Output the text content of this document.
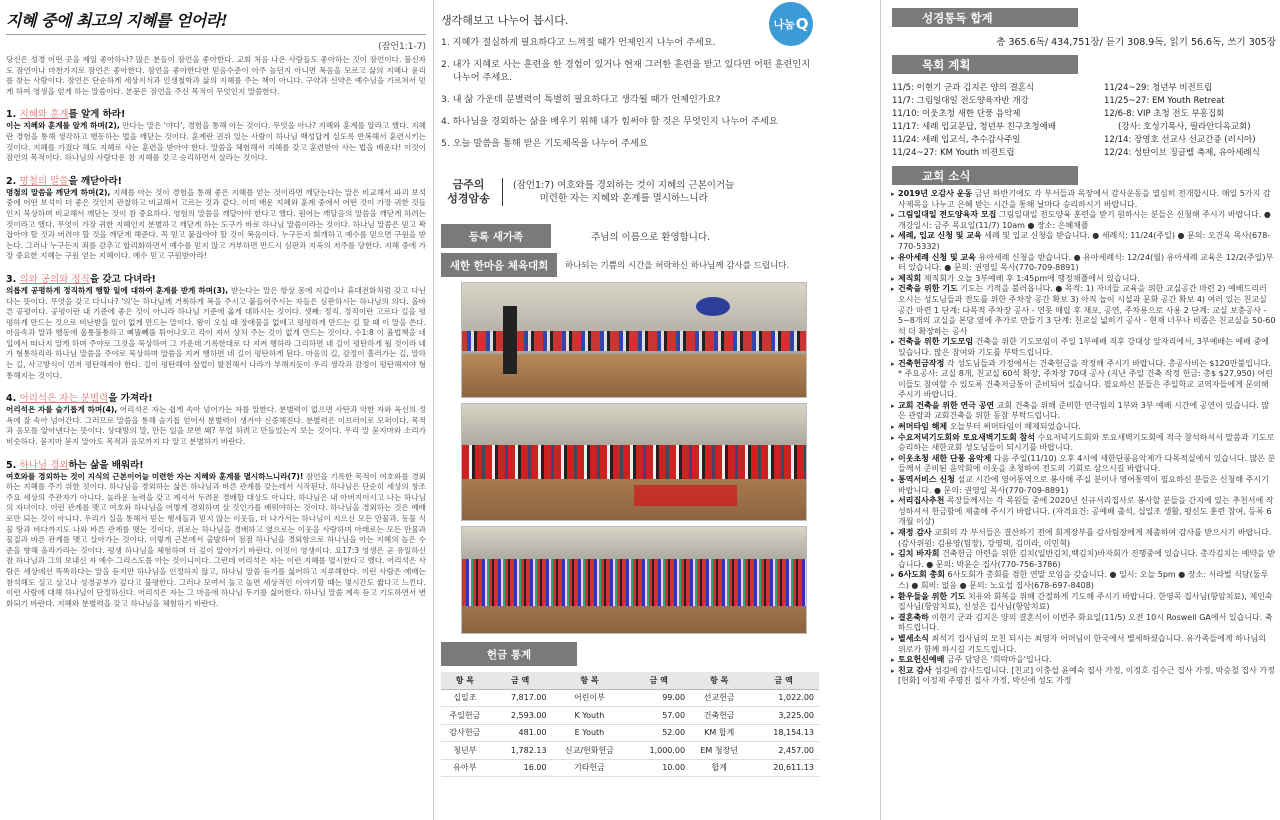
지혜 중에 최고의 지혜를 얻어라!
(잠언1:1-7)
당신은 성경 어떤 곳을 제일 좋아하나? 많은 분들이 잠언을 좋아한다. 교회 처음 나온 사람들도 좋아하는 것이 잠언이다. 불신자도 잠언이나 마찬가지로 잠언은 좋아한다. 잠언을 좋아한다면 믿음수준이 아주 높던지 아니면 복음을 모르고 삶의 지혜나 윤리를 찾는 사람이다. 잠언은 단순하게 세상지식과 인생철학과 삶의 지혜를 주는 책이 아니다. 구약과 신약은 예수님을 가르쳐서 믿게 하여 영생을 얻게 하는 말씀이다. 본문은 잠언을 주신 목적이 무엇인지 말씀한다.
1. 지혜와 훈계를 알게 하라!
이는 지혜와 훈계를 알게 하며(2), 안다는 말은 '야다', 경험을 통해 아는 것이다. 무엇을 아나? 지혜와 훈계를 알라고 했다. 지혜란 경험을 통해 생각하고 행동하는 법을 깨닫는 것이다. 훈계란 권위 있는 사람이 하나님 백성답게 실도록 반복해서 훈련시키는 것이다. 지혜를 가졌다 해도 지혜로 사는 훈련을 받아야 한다. 말씀을 체험해서 지혜를 갖고 훈련받아 사는 법을 배운다! 이것이 잠언의 목적이다. 하나님의 사람다운 참 지혜를 갖고 승리하면서 살라는 것이다.
2. 명철의 말씀을 깨닫아라!
명철의 말씀을 깨닫게 하며(2), 지혜를 아는 것이 경험을 통해 좋은 지혜를 얻는 것이라면 깨닫는다는 말은 비교해서 파괴 보석 중에 어떤 보석이 더 좋은 것인지 관찰하고 비교해서 고르는 것과 같다. 이미 배운 지혜와 훈계 중에서 어떤 것이 가장 귀한 것들인지 묵상하며 비교해서 깨닫는 것이 참 중요하다. 영험의 말씀을 깨달아야 한다고 했다. 원어는 깨달음의 말씀을 깨닫게 하려는 것이라고 했다. 무엇이 가장 귀한 지혜인지 분별하고 깨닫게 하는 도구가 바로 하나님 말씀이라는 것이다. 하나님 말씀은 믿고 꽉 잡아야 할 것과 버려야 할 것을 깨닫게 해준다. 꼭 믿고 붙잡아야 할 것이 복음이다. 누구든지 회개하고 예수를 믿으면 구원을 받는다. 그러나 누구든지 죄를 감추고 합리화하면서 예수를 믿지 않고 거부하면 반드시 심판과 지옥의 저주를 당한다. 지혜 중에 가장 중요한 지혜는 구원 얻는 지혜이다. 예수 믿고 구원받아라!
3. 의와 공의와 정직을 갖고 다녀라!
의롭게 공평하게 정직하게 행할 일에 대하여 훈계를 받게 하며(3), 받는다는 말은 항상 몸에 지갑이나 휴대전화처럼 갖고 다닌다는 뜻이다. 무엇을 갖고 다니나? '의'는 하나님께 거룩하게 복을 주시고 붙들어주시는 자들은 심판하시는 하나님의 의다. 올바른 공평이다. 공평이란 내 기준에 좋은 것이 아니라 하나님 기준에 옳게 대하시는 것이다. 셋째: 정직. 정직이란 고르다 길을 평평하게 만드는 것으로 비난받을 일이 없게 만드는 말이다. 왕이 오실 때 장애물을 없애고 평평하게 만드는 길 할 때 이 말을 쓴다. 마음속과 말과 행동에 울퉁불퉁하고 삐뚤빼뚤 튀어나오고 각이 져서 상처 주는 것이 없게 만드는 것이다. 수1:8 이 율법책을 네 입에서 떠나지 말게 하며 주야로 그것을 묵상하여 그 가운데 기록한대로 다 지켜 행하라 그리하면 네 길이 평탄하게 될 것이라 네가 형통하리라 하나님 말씀을 주야로 묵상하며 말씀을 지켜 행하면 네 길이 평탄하게 된다. 마음의 길, 감정이 흘러가는 길, 말하는 길, 사고방식이 먼저 평탄해져야 한다. 길이 평탄해야 삼업이 발전해서 나라가 부해지듯이 우리 생각과 감정이 평탄해져야 형통해지는 것이다.
4. 어리석은 자는 분별력을 가져라!
어리석은 자를 슬기롭게 하며(4), 어리석은 자는 쉽게 속아 넘어가는 자를 말한다. 분별력이 없으면 사탄과 악한 자와 육신의 정욕에 잘 속아 넘어간다. 그러므로 말씀을 통해 슬기롭 얻어서 분별력이 생겨야 신중해진다. 분별력은 이브러이로 모퍼이다. 목적과 음모를 알아낸다는 뜻이다. 상대방의 말, 만든 일을 보면 왜? 무얼 하려고 만들었는지 보는 것이다. 우리 말 묻지마와 소리가 비슷하다. 묻지마 묻지 말아도 목적과 음모까지 다 알고 분별하기 바란다.
5. 하나님 경외하는 삶을 배워라!
여호와를 경외하는 것이 지식의 근본이어늘 미련한 자는 지혜와 훈계를 멸시하느니라(7)! 잠언을 기록한 목적이 여호와를 경외하는 지혜를 주기 위한 것이다. 하나님을 경외하는 삶은 하나님과 바른 관계를 갖는데서 시작된다. 하나님은 단순히 세상의 창조주요 세상의 주관자가 아니다. 놀라운 능력을 갖고 계셔서 두려운 경배할 대상도 아니다. 하나님은 내 아버지이시고 나는 하나님의 자녀이다. 이런 관계를 맺고 여호와 하나님을 어떻게 경외하며 살 것인가를 배워야하는 것이다. 하나님을 경외하는 것은 예배로만 되는 것이 아니다. 우리가 실을 통해서 믿는 행세들과 믿지 않는 이웃들, 더 나가서는 하나님이 지으신 모든 만물과, 동물 식물 땅과 바다까지도 나와 바른 관계를 맺는 것이다. 위로는 하나님을 경배하고 옆으로는 이웃을 사랑하며 아래로는 모든 만물과 물질과 바른 관계를 맺고 살아가는 것이다. 이렇게 근본에서 출발하여 점점 하나님을 경외함으로 하나님을 아는 지혜의 높은 수준을 향해 올라가라는 것이다. 평생 하나님을 체험하며 더 깊이 알아가기 바란다. 이것이 영생이다. 요17:3 영생은 곧 유일하신 참 하나님과 그의 보내신 자 예수 그리스도를 아는 것이니이다. 그런데 어리석은 자는 이런 지혜를 멸시한다고 했다. 어리석은 사람은 세상에선 똑똑하다는 말을 듣지만 하나님을 인정하지 않고, 하나님 말씀 듣기를 싫어하고 지루해한다. 이런 사람은 예배는 참석해도 실고 살고나 성경공부가 깊다고 불평한다. 그러나 모여서 놀고 놀면 세상적인 이야기할 때는 몇시간도 짧다고 느낀다. 이런 사람에 대해 하나님이 단정하신다. 어리석은 자는 그 마음에 하나님 두기를 싫어한다. 하나님 말씀 계속 듣고 기도하면서 변화되기 바란다. 지혜와 분별력을 갖고 하나님을 체험하기 바란다.
생각해보고 나누어 봅시다.	나눔 Q
1. 지혜가 절실하게 필요하다고 느껴질 때가 언제인지 나누어 주세요.
2. 내가 지혜로 사는 훈련을 한 경험이 있거나 현재 그러한 훈련을 받고 있다면 어떤 훈련인지 나누어 주세요.
3. 내 삶 가운데 분별력이 특별히 필요하다고 생각될 때가 언제인가요?
4. 하나님을 경외하는 삶을 배우기 위해 내가 힘써야 할 것은 무엇인지 나누어 주세요
5. 오늘 말씀을 통해 받은 기도제목을 나누어 주세요
금주의
성경암송
(잠언1:7) 여호와를 경외하는 것이 지혜의 근본이거늘
미련한 자는 지혜와 훈계를 멸시하느니라
등록 새가족	주님의 이름으로 환영합니다.
새한 한마음 체육대회	하나되는 기쁨의 시간을 허락하신 하나님께 감사를 드립니다.
헌금 통계
항 목	금 액	항 목	금 액	항 목	금 액
십일조	7,817.00	어린이부	99.00	선교헌금	1,022.00
주일헌금	2,593.00	K Youth	57.00	건축헌금	3,225.00
감사헌금	481.00	E Youth	52.00	KM 합계	18,154.13
청년부	1,782.13	신교/헌화헌금	1,000.00	EM 청장년	2,457.00
유아부	16.00	기타헌금	10.00	합계	20,611.13
성경통독 합계
총 365.6독/ 434,751장/ 듣기 308.9독, 읽기 56.6독, 쓰기 305장
목회 계획
11/5: 이현기 군과 김지은 양의 결혼식
11/7: 그림일대일 전도양육자반 개강
11/10: 이웃초청 새한 단풍 음악제
11/17: 세례 입교문답, 청년부 친구초청예배
11/24: 세례 입교식, 추수감사주일
11/24~27: KM Youth 비젼트립
11/24~29: 청년부 비전트립
11/25~27: EM Youth Retreat
12/6-8: VIP 초청 전도 부흥집회
(강사: 호성기목사, 필라안디옥교회)
12/14: 장영호 선교사 선교간증 (러시아)
12/24: 성탄이브 징글벨 축제, 유아세례식
교회 소식
▸ 2019년 오감사 운동 금년 하반기에도 각 부서들과 목장에서 감사운동을 열심히 전개합시다. 매일 5가지 감사제목을 나누고 은혜 받는 시간을 통해 날마다 승리하시기 바랍니다.
▸ 그림일대일 전도양육자 모집 그림일대일 전도양육 훈련을 받기 원하시는 분들은 신청해 주시기 바랍니다. ● 개강일시: 금주 목요일(11/7) 10am ● 장소: 은혜채플
▸ 세례, 입교 신청 및 교육 세례 및 입교 신청을 받습니다. ● 세례식: 11/24(주일) ● 문의: 오건욱 목사(678-770-5332)
▸ 유아세례 신청 및 교육 유아세례 신청을 받습니다. ● 유아세례식: 12/24(월) 유아세례 교육은 12/2(주일)부터 있습니다. ● 문의: 권영일 목사(770-709-8891)
▸ 제직회 제직회가 오늘 3부예배 후 1:45pm에 행정채플에서 있습니다.
▸ 건축을 위한 기도 기도는 기적을 불러옵니다. ● 목적: 1) 자녀들 교육을 위한 교실공간 마련 2) 예배드리러 오시는 성도님들과 전도를 위한 주차장 공간 확보 3) 아직 놀이 시설과 문화 공간 확보 4) 여러 있는 친교실 공간 마련 1 단계: 다목적 주차장 공사 - 연못 매립 후 재포, 공연, 주차용으로 사용 2 단계: 교실 보충공사 - 5~8개의 교실을 본당 옆에 추가로 만들기 3 단계: 친교실 넓히기 공사 - 현재 너무나 비좁은 친교실을 50-60석 더 확장하는 공사
▸ 건축을 위한 기도모임 건축을 위한 기도모임이 주일 1부예배 직후 강대상 앞자리에서, 3부예배는 예배 중에 있습니다. 많은 참여와 기도를 부탁드립니다.
▸ 건축헌금작정 각 성도님들과 가정에서는 건축헌금을 작정해 주시기 바랍니다. 총공사비는 $120만불입니다. * 주요공사: 교실 8개, 친교실 60석 확장, 주차장 70대 공사 (지난 주일 건축 작정 헌금: 총$ $27,950) 어린이들도 참여할 수 있도록 건축저금통이 준비되어 있습니다. 필요하신 분들은 주일학교 교역자들에게 문의해 주시기 바랍니다.
▸ 교회 건축을 위한 연극 공연 교회 건축을 위해 준비한 연극팀의 1부와 3부 예배 시간에 공연이 있습니다. 많은 관람과 교회건축을 위한 동참 부탁드립니다.
▸ 써머타임 해제 오늘부터 써머타임이 해제되었습니다.
▸ 수요저녁기도회와 토요새벽기도회 참석 수요저녁기도회와 토요새벽기도회에 적극 참석하셔서 말씀과 기도로 승리하는 새한교회 성도님들이 되시기를 바랍니다.
▸ 이웃초청 새한 단풍 음악제 다음 주일(11/10) 오후 4시에 새한단풍음악제가 다목적실에서 있습니다. 많은 분들께서 준비된 음악회에 이웃을 초청하여 전도의 기회로 삼으시길 바랍니다.
▸ 통역서비스 신청 설교 시간에 영어통역으로 봉사해 주실 분이나 영어통역이 필요하신 분들은 신청해 주시기 바랍니다. ● 문의: 권영일 목사(770-709-8891)
▸ 서리집사추천 목장들께서는 각 목원들 중에 2020년 신규서리집사로 봉사할 분들을 간지에 있는 추천서에 작성하셔서 헌금함에 제출해 주시기 바랍니다. (자격요건: 공예배 출석, 십일조 생활, 평신도 훈련 참여, 등록 6개월 이상)
▸ 재정 감사 교회의 각 부서들은 결산하기 전에 회계장부를 감사팀장에게 제출하여 감사를 받으시기 바랍니다. (감사위원: 김용영(팀장), 강영택, 김미라, 이민혁)
▸ 김치 바자회 건축헌금 마련을 위한 김치(일반김치,백김치)바자회가 진행중에 있습니다. 총각김치는 예약을 받습니다. ● 문의: 박윤순 집사(770-756-3786)
▸ 6사도회 총회 6사도회가 총회를 겸한 연말 모임을 갖습니다. ● 일시: 오늘 5pm ● 장소: 서라벌 식당(둘루스) ● 회비: 없음 ● 문의: 노요섭 집사(678-697-8408)
▸ 환우들을 위한 기도 치유와 회복을 위해 간절하게 기도해 주시기 바랍니다. 한영목 집사님(항암치료), 제인숙 집사님(항암치료), 신성은 집사님(항암치료)
▸ 결혼축하 이현기 군과 김지은 양의 결혼식이 이번주 화요일(11/5) 오전 10시 Roswell GA에서 있습니다. 축하드립니다.
▸ 별세소식 최석기 집사님의 모친 되시는 최영자 어머님이 한국에서 별세하셨습니다. 유가족들에게 하나님의 위로가 함께 하시길 기도드립니다.
▸ 토요헌신예배 금주 담당은 '희락마을'입니다.
▸ 친교 감사 섬김에 감사드립니다. [친교] 이충섭 윤예숙 집사 가정, 이정호 김수근 집사 가정, 박승철 집사 가정 [헌화] 이정재 주명진 집사 가정, 박신애 성도 가정
